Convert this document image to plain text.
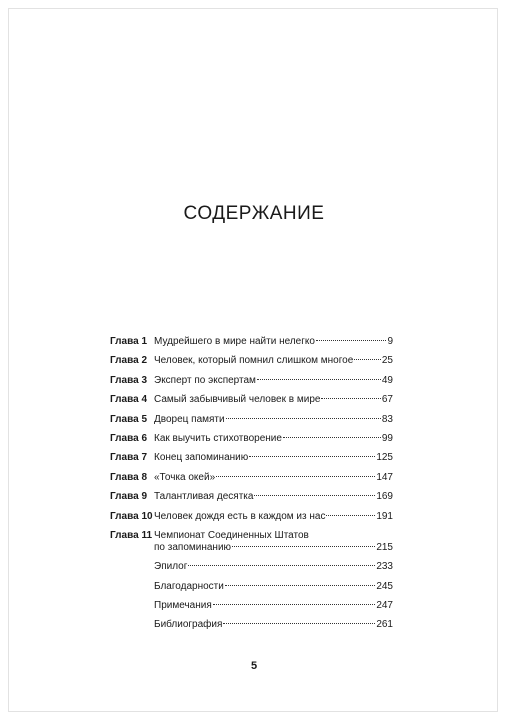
СОДЕРЖАНИЕ
Глава 1 Мудрейшего в мире найти нелегко	9
Глава 2 Человек, который помнил слишком многое	25
Глава 3 Эксперт по экспертам	49
Глава 4 Самый забывчивый человек в мире	67
Глава 5 Дворец памяти	83
Глава 6 Как выучить стихотворение	99
Глава 7 Конец запоминанию	125
Глава 8 «Точка окей»	147
Глава 9 Талантливая десятка	169
Глава 10 Человек дождя есть в каждом из нас	191
Глава 11 Чемпионат Соединенных Штатов
по запоминанию	215
Эпилог	233
Благодарности	245
Примечания	247
Библиография	261
5
